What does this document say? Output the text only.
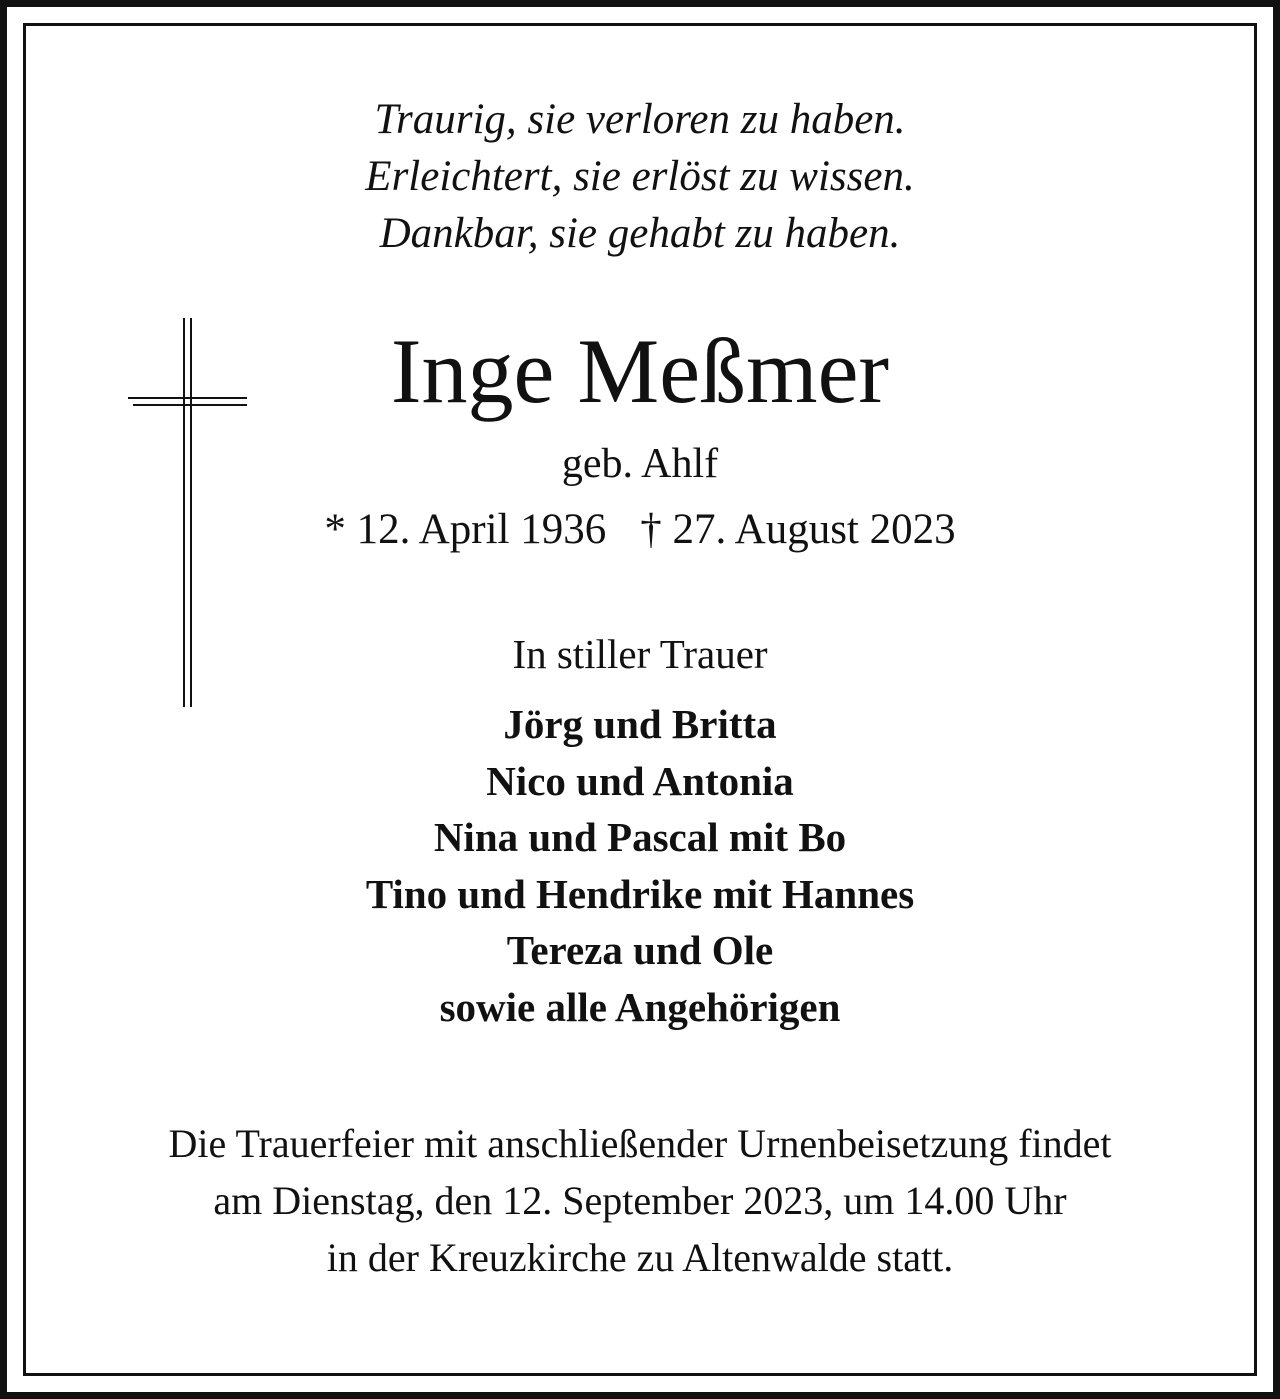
Traurig, sie verloren zu haben.
Erleichtert, sie erlöst zu wissen.
Dankbar, sie gehabt zu haben.
Inge Meßmer
geb. Ahlf
* 12. April 1936 † 27. August 2023
In stiller Trauer
Jörg und Britta
Nico und Antonia
Nina und Pascal mit Bo
Tino und Hendrike mit Hannes
Tereza und Ole
sowie alle Angehörigen
Die Trauerfeier mit anschließender Urnenbeisetzung findet
am Dienstag, den 12. September 2023, um 14.00 Uhr
in der Kreuzkirche zu Altenwalde statt.
